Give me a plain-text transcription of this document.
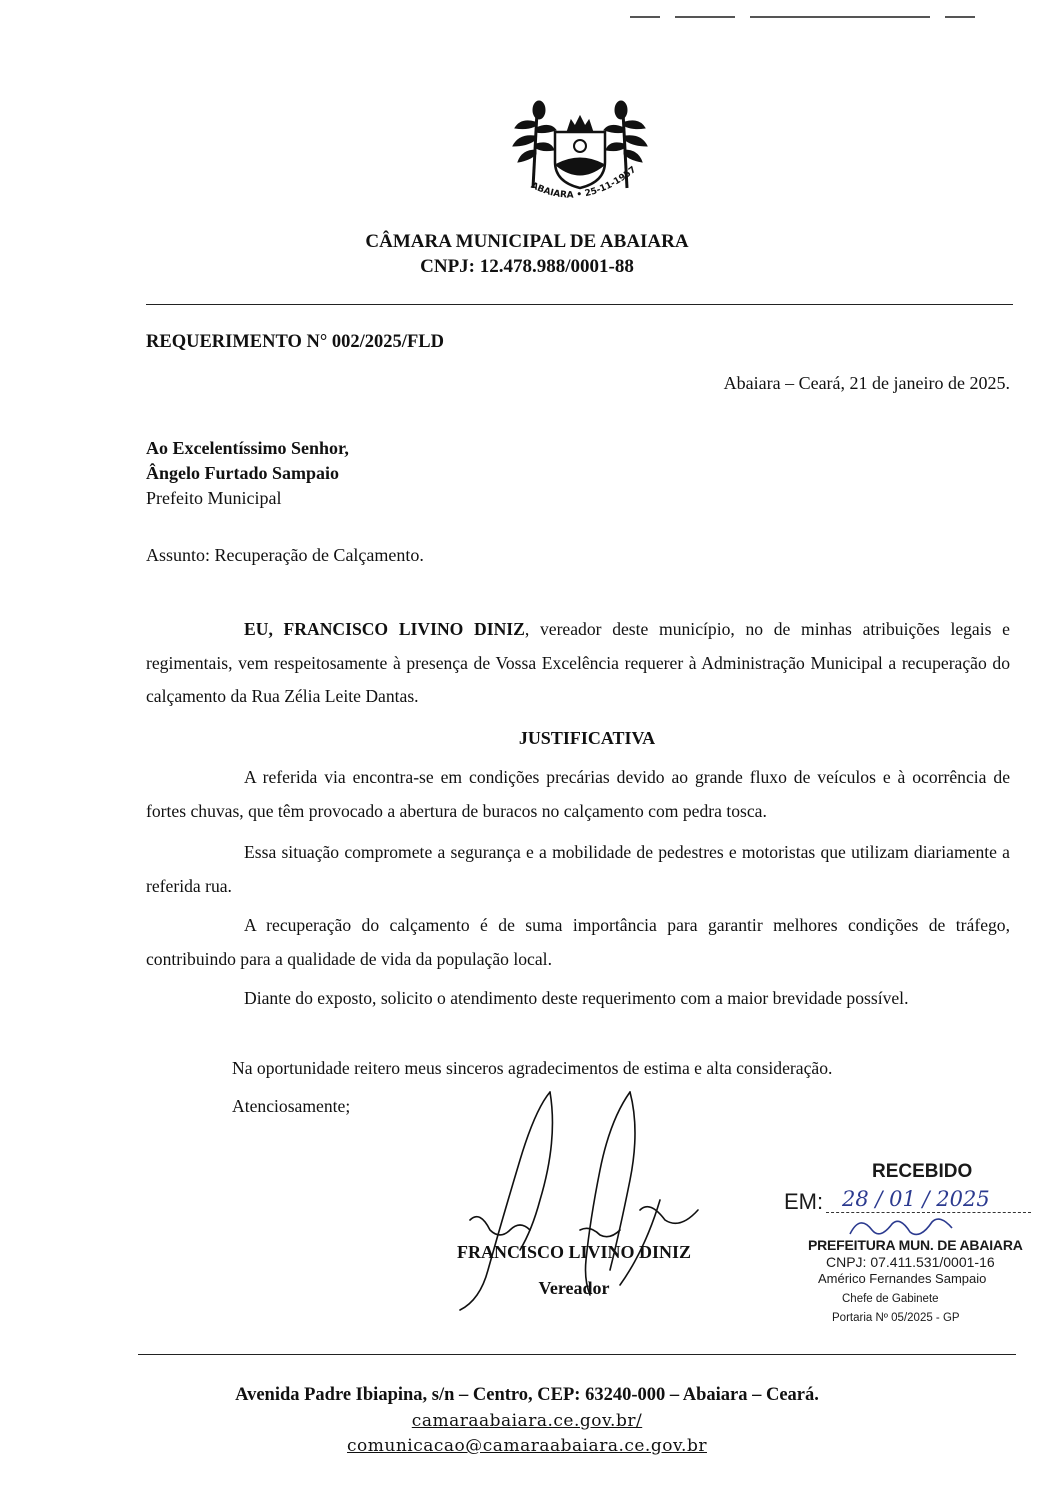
ABAIARA • 25-11-1957
CÂMARA MUNICIPAL DE ABAIARA
CNPJ: 12.478.988/0001-88
REQUERIMENTO N° 002/2025/FLD
Abaiara – Ceará, 21 de janeiro de 2025.
Ao Excelentíssimo Senhor,
Ângelo Furtado Sampaio
Prefeito Municipal
Assunto: Recuperação de Calçamento.
EU, FRANCISCO LIVINO DINIZ, vereador deste município, no de minhas atribuições legais e regimentais, vem respeitosamente à presença de Vossa Excelência requerer à Administração Municipal a recuperação do calçamento da Rua Zélia Leite Dantas.
JUSTIFICATIVA
A referida via encontra-se em condições precárias devido ao grande fluxo de veículos e à ocorrência de fortes chuvas, que têm provocado a abertura de buracos no calçamento com pedra tosca.
Essa situação compromete a segurança e a mobilidade de pedestres e motoristas que utilizam diariamente a referida rua.
A recuperação do calçamento é de suma importância para garantir melhores condições de tráfego, contribuindo para a qualidade de vida da população local.
Diante do exposto, solicito o atendimento deste requerimento com a maior brevidade possível.
Na oportunidade reitero meus sinceros agradecimentos de estima e alta consideração.
Atenciosamente;
FRANCISCO LIVINO DINIZ
Vereador
RECEBIDO
EM: 28 / 01 / 2025
PREFEITURA MUN. DE ABAIARA
CNPJ: 07.411.531/0001-16
Américo Fernandes Sampaio
Chefe de Gabinete
Portaria Nº 05/2025 - GP
Avenida Padre Ibiapina, s/n – Centro, CEP: 63240-000 – Abaiara – Ceará.
camaraabaiara.ce.gov.br/
comunicacao@camaraabaiara.ce.gov.br
